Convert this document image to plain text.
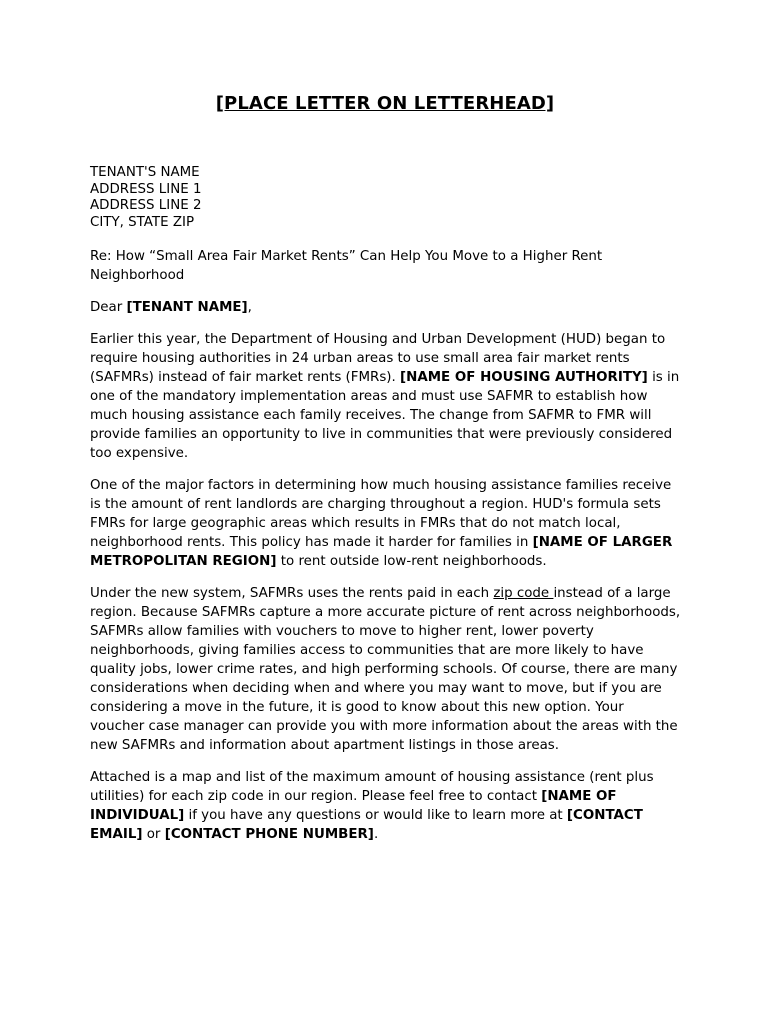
[PLACE LETTER ON LETTERHEAD]
TENANT'S NAME
ADDRESS LINE 1
ADDRESS LINE 2
CITY, STATE ZIP

Re: How “Small Area Fair Market Rents” Can Help You Move to a Higher Rent Neighborhood

Dear [TENANT NAME],

Earlier this year, the Department of Housing and Urban Development (HUD) began to require housing authorities in 24 urban areas to use small area fair market rents (SAFMRs) instead of fair market rents (FMRs). [NAME OF HOUSING AUTHORITY] is in one of the mandatory implementation areas and must use SAFMR to establish how much housing assistance each family receives. The change from SAFMR to FMR will provide families an opportunity to live in communities that were previously considered too expensive.

One of the major factors in determining how much housing assistance families receive is the amount of rent landlords are charging throughout a region. HUD's formula sets FMRs for large geographic areas which results in FMRs that do not match local, neighborhood rents. This policy has made it harder for families in [NAME OF LARGER METROPOLITAN REGION] to rent outside low-rent neighborhoods.

Under the new system, SAFMRs uses the rents paid in each zip code instead of a large region. Because SAFMRs capture a more accurate picture of rent across neighborhoods, SAFMRs allow families with vouchers to move to higher rent, lower poverty neighborhoods, giving families access to communities that are more likely to have quality jobs, lower crime rates, and high performing schools. Of course, there are many considerations when deciding when and where you may want to move, but if you are considering a move in the future, it is good to know about this new option. Your voucher case manager can provide you with more information about the areas with the new SAFMRs and information about apartment listings in those areas.

Attached is a map and list of the maximum amount of housing assistance (rent plus utilities) for each zip code in our region. Please feel free to contact [NAME OF INDIVIDUAL] if you have any questions or would like to learn more at [CONTACT EMAIL] or [CONTACT PHONE NUMBER].
